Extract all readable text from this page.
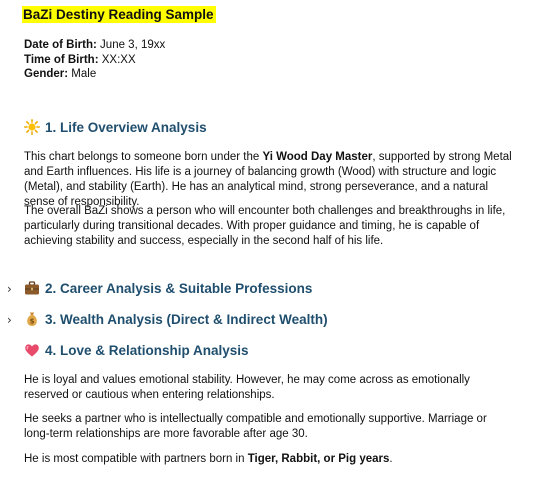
BaZi Destiny Reading Sample
Date of Birth: June 3, 19xx
Time of Birth: XX:XX
Gender: Male
1. Life Overview Analysis
This chart belongs to someone born under the Yi Wood Day Master, supported by strong Metal and Earth influences. His life is a journey of balancing growth (Wood) with structure and logic (Metal), and stability (Earth). He has an analytical mind, strong perseverance, and a natural sense of responsibility.
The overall BaZi shows a person who will encounter both challenges and breakthroughs in life, particularly during transitional decades. With proper guidance and timing, he is capable of achieving stability and success, especially in the second half of his life.
› 2. Career Analysis & Suitable Professions
›	$ 3. Wealth Analysis (Direct & Indirect Wealth)
4. Love & Relationship Analysis
He is loyal and values emotional stability. However, he may come across as emotionally reserved or cautious when entering relationships.
He seeks a partner who is intellectually compatible and emotionally supportive. Marriage or long-term relationships are more favorable after age 30.
He is most compatible with partners born in Tiger, Rabbit, or Pig years.
